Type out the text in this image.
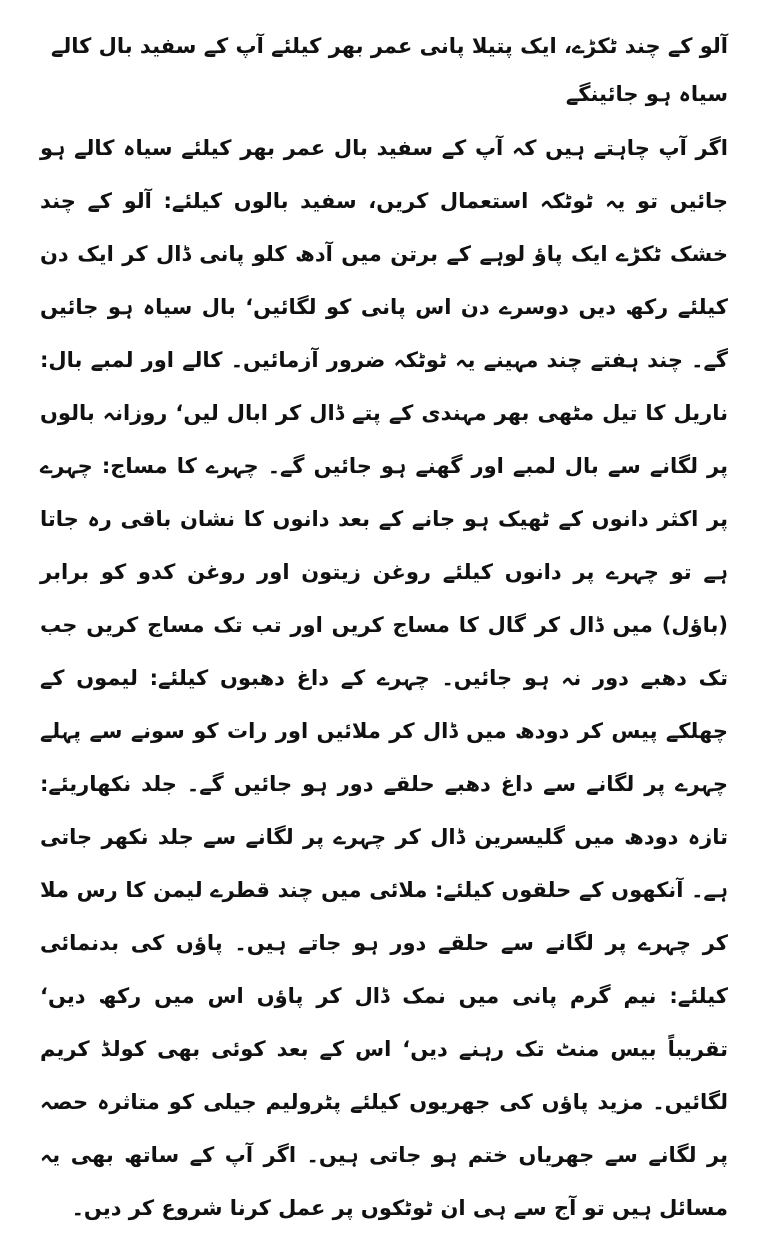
آلو کے چند ٹکڑے، ایک پتیلا پانی عمر بھر کیلئے آپ کے سفید بال کالے سیاہ ہو جائینگے

اگر آپ چاہتے ہیں کہ آپ کے سفید بال عمر بھر کیلئے سیاہ کالے ہو جائیں تو یہ ٹوٹکہ استعمال کریں، سفید بالوں کیلئے: آلو کے چند خشک ٹکڑے ایک پاؤ لوہے کے برتن میں آدھ کلو پانی ڈال کر ایک دن کیلئے رکھ دیں دوسرے دن اس پانی کو لگائیں‘ بال سیاہ ہو جائیں گے۔ چند ہفتے چند مہینے یہ ٹوٹکہ ضرور آزمائیں۔ کالے اور لمبے بال: ناریل کا تیل مٹھی بھر مہندی کے پتے ڈال کر ابال لیں‘ روزانہ بالوں پر لگانے سے بال لمبے اور گھنے ہو جائیں گے۔ چہرے کا مساج: چہرے پر اکثر دانوں کے ٹھیک ہو جانے کے بعد دانوں کا نشان باقی رہ جاتا ہے تو چہرے پر دانوں کیلئے روغن زیتون اور روغن کدو کو برابر (باؤل) میں ڈال کر گال کا مساج کریں اور تب تک مساج کریں جب تک دھبے دور نہ ہو جائیں۔ چہرے کے داغ دھبوں کیلئے: لیموں کے چھلکے پیس کر دودھ میں ڈال کر ملائیں اور رات کو سونے سے پہلے چہرے پر لگانے سے داغ دھبے حلقے دور ہو جائیں گے۔ جلد نکھاریئے: تازہ دودھ میں گلیسرین ڈال کر چہرے پر لگانے سے جلد نکھر جاتی ہے۔ آنکھوں کے حلقوں کیلئے: ملائی میں چند قطرے لیمن کا رس ملا کر چہرے پر لگانے سے حلقے دور ہو جاتے ہیں۔ پاؤں کی بدنمائی کیلئے: نیم گرم پانی میں نمک ڈال کر پاؤں اس میں رکھ دیں‘ تقریباً بیس منٹ تک رہنے دیں‘ اس کے بعد کوئی بھی کولڈ کریم لگائیں۔ مزید پاؤں کی جھریوں کیلئے پٹرولیم جیلی کو متاثرہ حصہ پر لگانے سے جھریاں ختم ہو جاتی ہیں۔ اگر آپ کے ساتھ بھی یہ مسائل ہیں تو آج سے ہی ان ٹوٹکوں پر عمل کرنا شروع کر دیں۔
